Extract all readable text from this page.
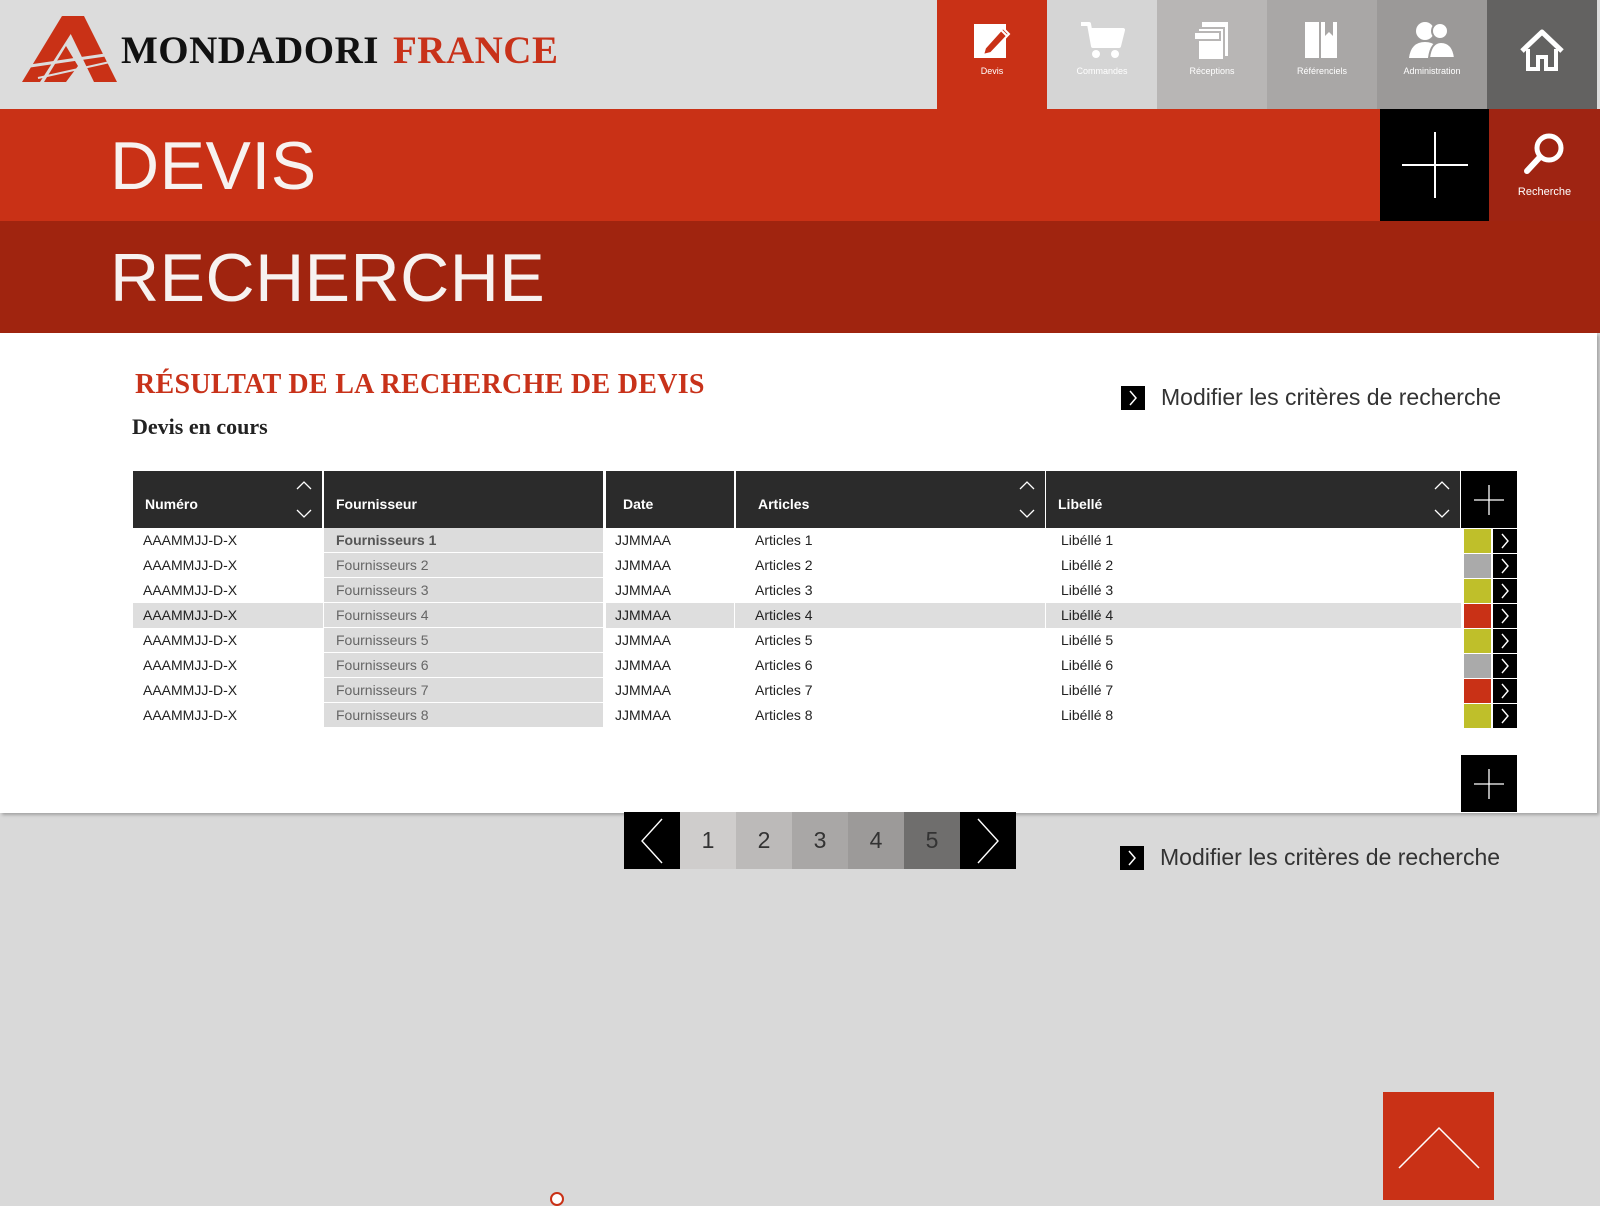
MONDADORI FRANCE	Devis	Commandes	Réceptions	Référenciels	Administration
DEVIS	Recherche
RECHERCHE
RÉSULTAT DE LA RECHERCHE DE DEVIS
Devis en cours
Modifier les critères de recherche
Numéro	Fournisseur	Date	Articles	Libellé
AAAMMJJ-D-X	Fournisseurs 1	JJMMAA	Articles 1	Libéllé 1
AAAMMJJ-D-X	Fournisseurs 2	JJMMAA	Articles 2	Libéllé 2
AAAMMJJ-D-X	Fournisseurs 3	JJMMAA	Articles 3	Libéllé 3
AAAMMJJ-D-X	Fournisseurs 4	JJMMAA	Articles 4	Libéllé 4
AAAMMJJ-D-X	Fournisseurs 5	JJMMAA	Articles 5	Libéllé 5
AAAMMJJ-D-X	Fournisseurs 6	JJMMAA	Articles 6	Libéllé 6
AAAMMJJ-D-X	Fournisseurs 7	JJMMAA	Articles 7	Libéllé 7
AAAMMJJ-D-X	Fournisseurs 8	JJMMAA	Articles 8	Libéllé 8
1	2	3	4	5
Modifier les critères de recherche
